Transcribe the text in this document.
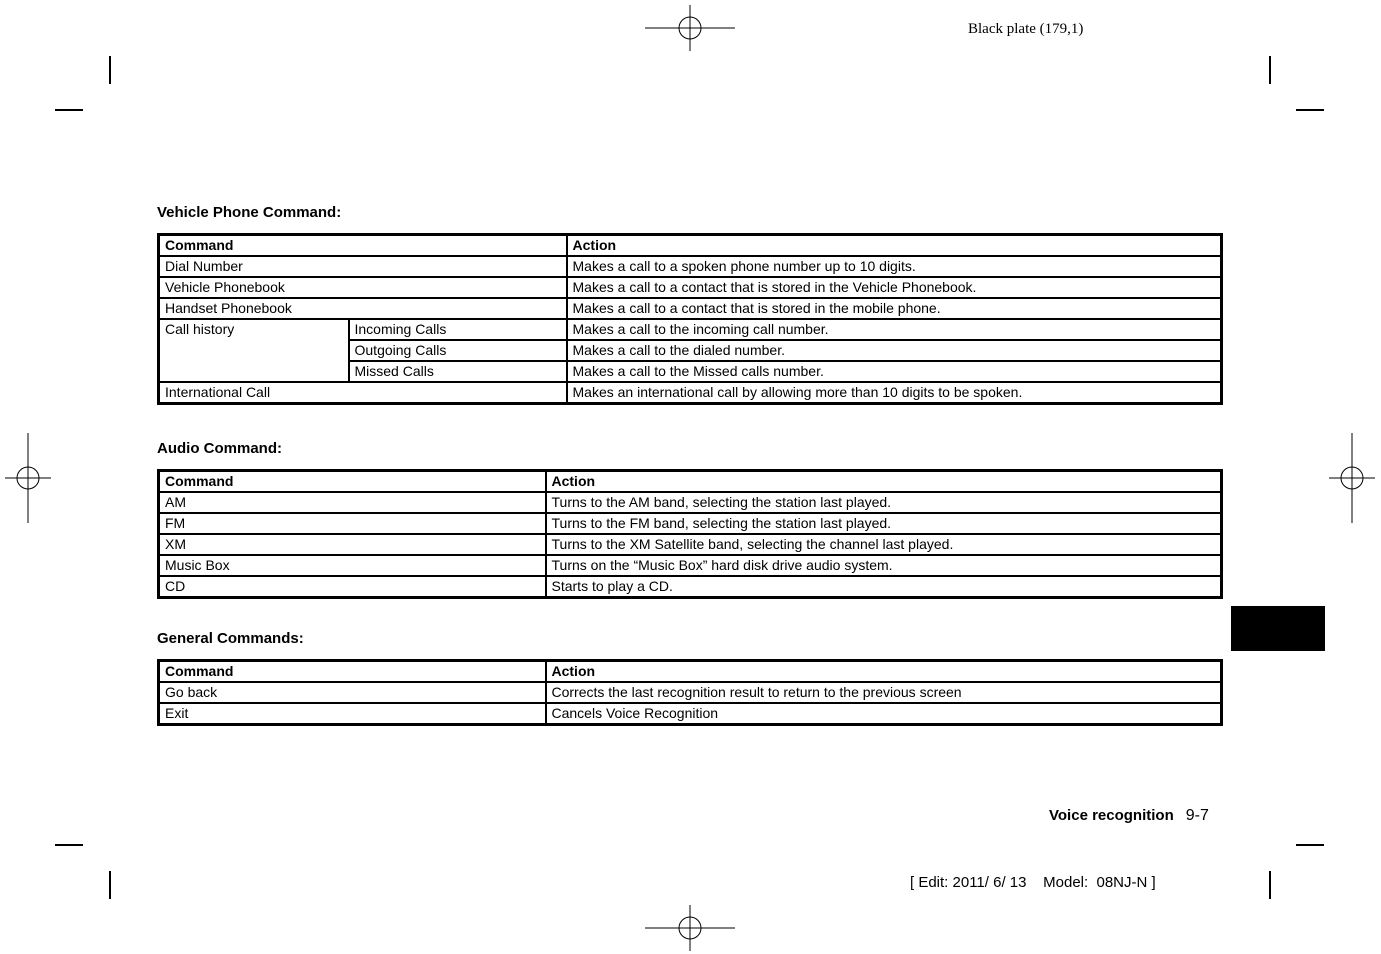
Black plate (179,1)
Vehicle Phone Command:
Command		Action
Dial Number		Makes a call to a spoken phone number up to 10 digits.
Vehicle Phonebook		Makes a call to a contact that is stored in the Vehicle Phonebook.
Handset Phonebook		Makes a call to a contact that is stored in the mobile phone.
Call history	Incoming Calls	Makes a call to the incoming call number.
	Outgoing Calls	Makes a call to the dialed number.
	Missed Calls	Makes a call to the Missed calls number.
International Call		Makes an international call by allowing more than 10 digits to be spoken.
Audio Command:
Command	Action
AM	Turns to the AM band, selecting the station last played.
FM	Turns to the FM band, selecting the station last played.
XM	Turns to the XM Satellite band, selecting the channel last played.
Music Box	Turns on the “Music Box” hard disk drive audio system.
CD	Starts to play a CD.
General Commands:
Command	Action
Go back	Corrects the last recognition result to return to the previous screen
Exit	Cancels Voice Recognition
Voice recognition 9-7
[ Edit: 2011/ 6/ 13    Model:  08NJ-N ]
